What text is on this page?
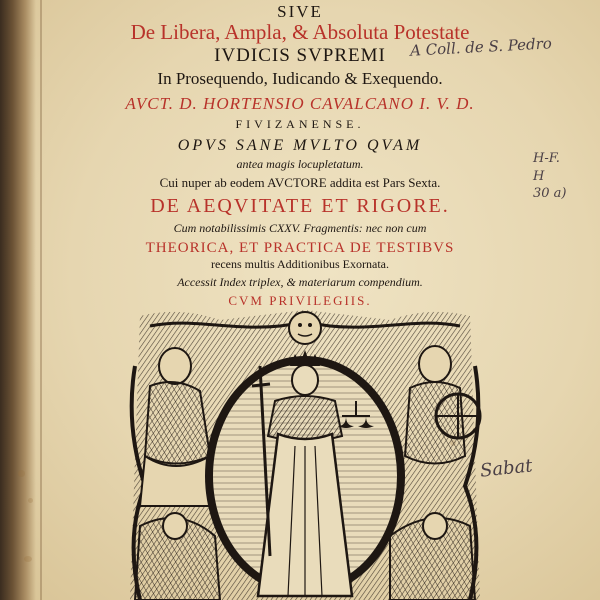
SIVE
De Libera, Ampla, & Absoluta Potestate
IVDICIS SVPREMI
In Prosequendo, Iudicando & Exequendo.
AVCT. D. HORTENSIO CAVALCANO I. V. D.
FIVIZANENSE.
OPVS SANE MVLTO QVAM
antea magis locupletatum.
Cui nuper ab eodem AVCTORE addita est Pars Sexta.
DE AEQVITATE ET RIGORE.
Cum notabilissimis CXXV. Fragmentis: nec non cum
THEORICA, ET PRACTICA DE TESTIBVS
recens multis Additionibus Exornata.
Accessit Index triplex, & materiarum compendium.
CVM PRIVILEGIIS.
A Coll. de S. Pedro
H-F.
H
30 a)
Sabat
